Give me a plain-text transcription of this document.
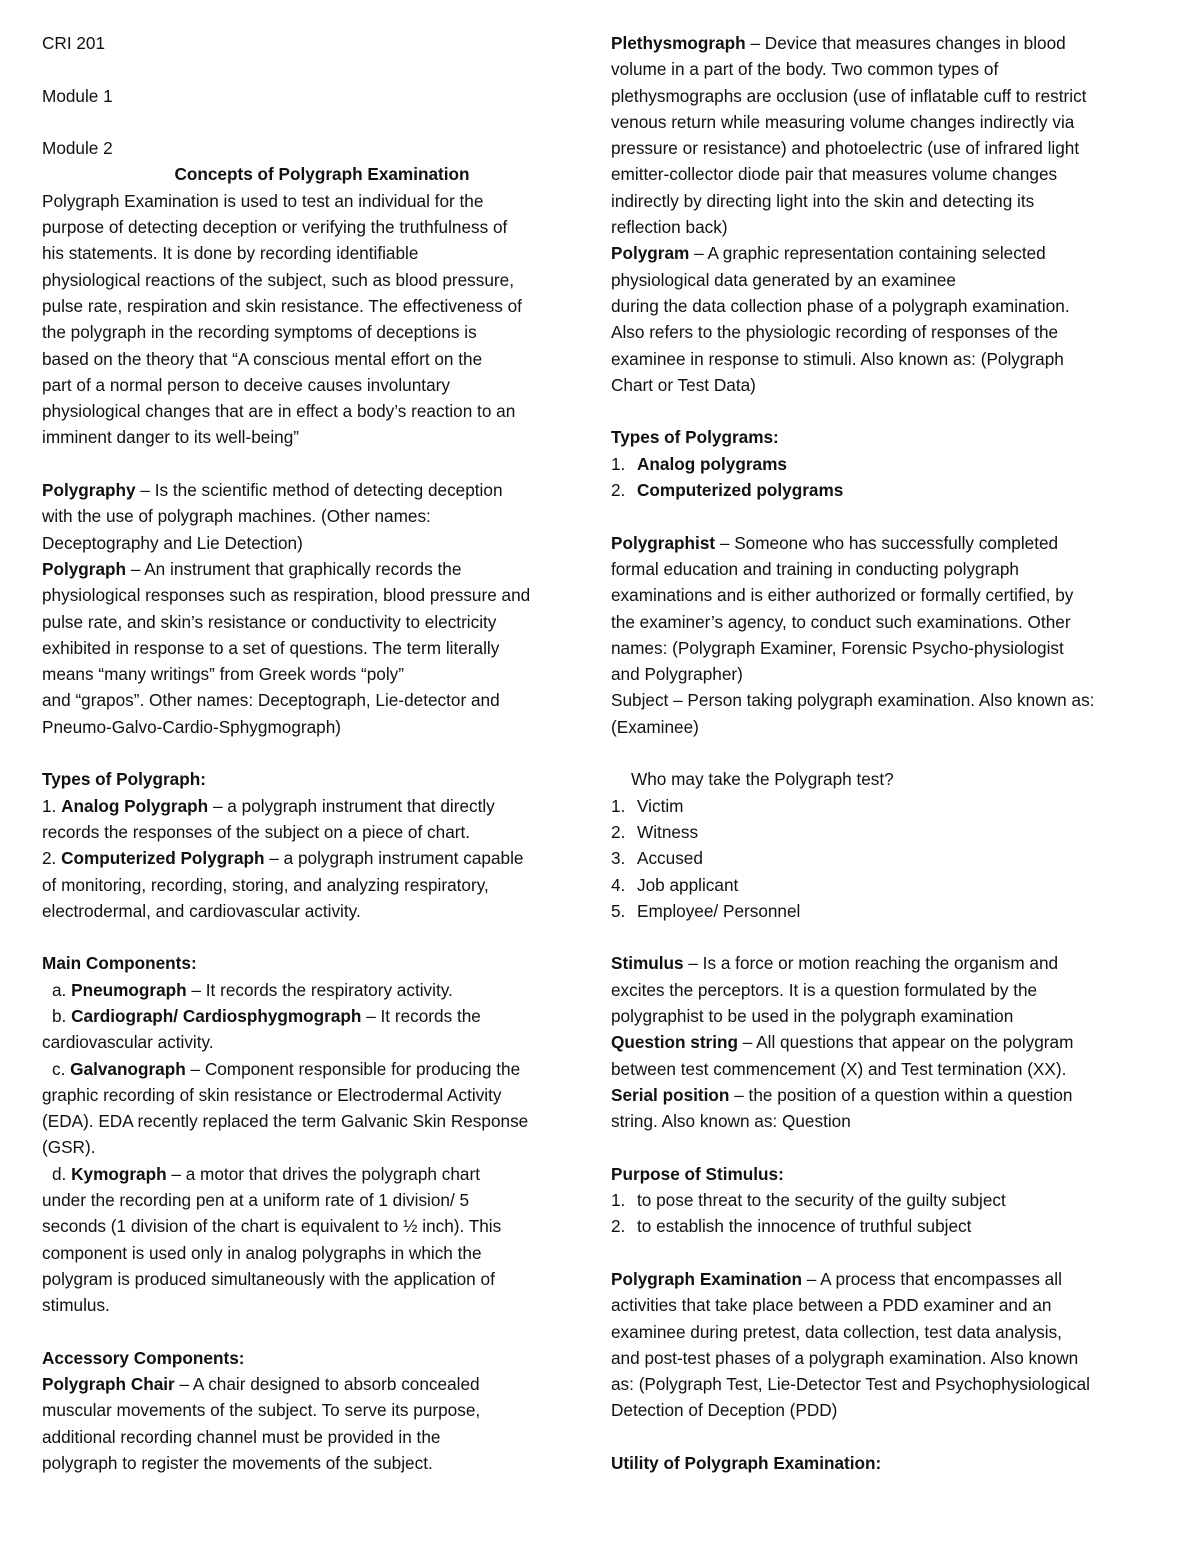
CRI 201

Module 1

Module 2

Concepts of Polygraph Examination

Polygraph Examination is used to test an individual for the

purpose of detecting deception or verifying the truthfulness of

his statements. It is done by recording identifiable

physiological reactions of the subject, such as blood pressure,

pulse rate, respiration and skin resistance. The effectiveness of

the polygraph in the recording symptoms of deceptions is

based on the theory that “A conscious mental effort on the

part of a normal person to deceive causes involuntary

physiological changes that are in effect a body’s reaction to an

imminent danger to its well-being”

Polygraphy – Is the scientific method of detecting deception

with the use of polygraph machines. (Other names:

Deceptography and Lie Detection)

Polygraph – An instrument that graphically records the

physiological responses such as respiration, blood pressure and

pulse rate, and skin’s resistance or conductivity to electricity

exhibited in response to a set of questions. The term literally

means “many writings” from Greek words “poly”

and “grapos”. Other names: Deceptograph, Lie-detector and

Pneumo-Galvo-Cardio-Sphygmograph)

Types of Polygraph:

1. Analog Polygraph – a polygraph instrument that directly

records the responses of the subject on a piece of chart.

2. Computerized Polygraph – a polygraph instrument capable

of monitoring, recording, storing, and analyzing respiratory,

electrodermal, and cardiovascular activity.

Main Components:

a. Pneumograph – It records the respiratory activity.

b. Cardiograph/ Cardiosphygmograph – It records the

cardiovascular activity.

c. Galvanograph – Component responsible for producing the

graphic recording of skin resistance or Electrodermal Activity

(EDA). EDA recently replaced the term Galvanic Skin Response

(GSR).

d. Kymograph – a motor that drives the polygraph chart

under the recording pen at a uniform rate of 1 division/ 5

seconds (1 division of the chart is equivalent to ½ inch). This

component is used only in analog polygraphs in which the

polygram is produced simultaneously with the application of

stimulus.

Accessory Components:

Polygraph Chair – A chair designed to absorb concealed

muscular movements of the subject. To serve its purpose,

additional recording channel must be provided in the

polygraph to register the movements of the subject.

Plethysmograph – Device that measures changes in blood

volume in a part of the body. Two common types of

plethysmographs are occlusion (use of inflatable cuff to restrict

venous return while measuring volume changes indirectly via

pressure or resistance) and photoelectric (use of infrared light

emitter-collector diode pair that measures volume changes

indirectly by directing light into the skin and detecting its

reflection back)

Polygram – A graphic representation containing selected

physiological data generated by an examinee

during the data collection phase of a polygraph examination.

Also refers to the physiologic recording of responses of the

examinee in response to stimuli. Also known as: (Polygraph

Chart or Test Data)

Types of Polygrams:

1. Analog polygrams

2. Computerized polygrams

Polygraphist – Someone who has successfully completed

formal education and training in conducting polygraph

examinations and is either authorized or formally certified, by

the examiner’s agency, to conduct such examinations. Other

names: (Polygraph Examiner, Forensic Psycho-physiologist

and Polygrapher)

Subject – Person taking polygraph examination. Also known as:

(Examinee)

Who may take the Polygraph test?

1. Victim

2. Witness

3. Accused

4. Job applicant

5. Employee/ Personnel

Stimulus – Is a force or motion reaching the organism and

excites the perceptors. It is a question formulated by the

polygraphist to be used in the polygraph examination

Question string – All questions that appear on the polygram

between test commencement (X) and Test termination (XX).

Serial position – the position of a question within a question

string. Also known as: Question

Purpose of Stimulus:

1. to pose threat to the security of the guilty subject

2. to establish the innocence of truthful subject

Polygraph Examination – A process that encompasses all

activities that take place between a PDD examiner and an

examinee during pretest, data collection, test data analysis,

and post-test phases of a polygraph examination. Also known

as: (Polygraph Test, Lie-Detector Test and Psychophysiological

Detection of Deception (PDD)

Utility of Polygraph Examination:
